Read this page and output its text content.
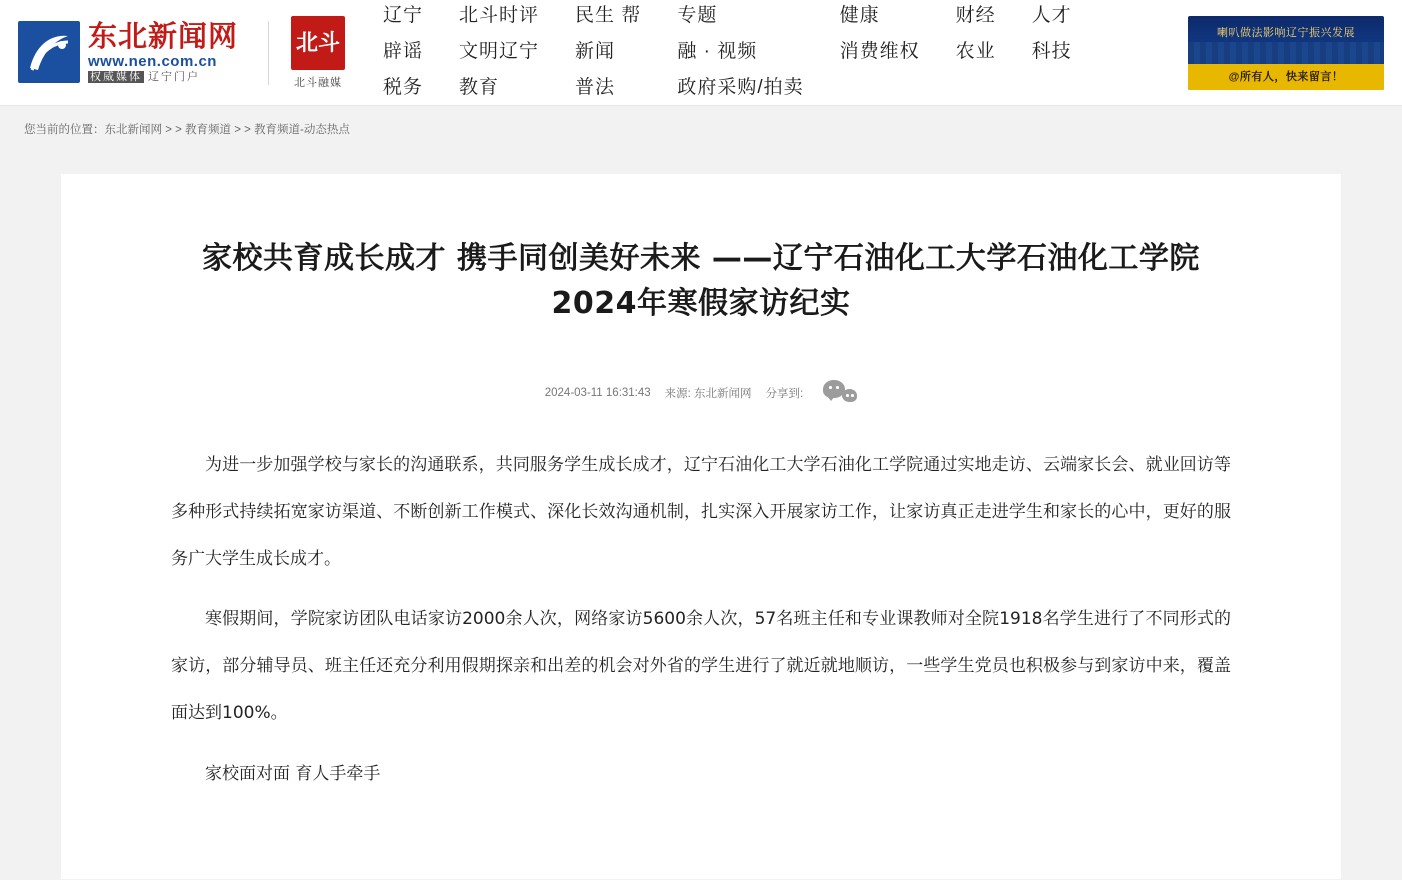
东北新闻网
www.nen.com.cn
权威媒体 辽宁门户
北斗
北斗融媒
辽宁 北斗时评 民生 帮 专题	健康	财经 人才
辟谣 文明辽宁 新闻	融 · 视频	消费维权 农业 科技
税务 教育	普法	政府采购/拍卖
喇叭做法影响辽宁振兴发展
@所有人，快来留言！
您当前的位置：东北新闻网 > > 教育频道 > > 教育频道-动态热点
家校共育成长成才 携手同创美好未来 ——辽宁石油化工大学石油化工学院2024年寒假家访纪实
2024-03-11 16:31:43 来源: 东北新闻网 分享到:

为进一步加强学校与家长的沟通联系，共同服务学生成长成才，辽宁石油化工大学石油化工学院通过实地走访、云端家长会、就业回访等多种形式持续拓宽家访渠道、不断创新工作模式、深化长效沟通机制，扎实深入开展家访工作，让家访真正走进学生和家长的心中，更好的服务广大学生成长成才。

寒假期间，学院家访团队电话家访2000余人次，网络家访5600余人次，57名班主任和专业课教师对全院1918名学生进行了不同形式的家访，部分辅导员、班主任还充分利用假期探亲和出差的机会对外省的学生进行了就近就地顺访，一些学生党员也积极参与到家访中来，覆盖面达到100%。

家校面对面 育人手牵手
